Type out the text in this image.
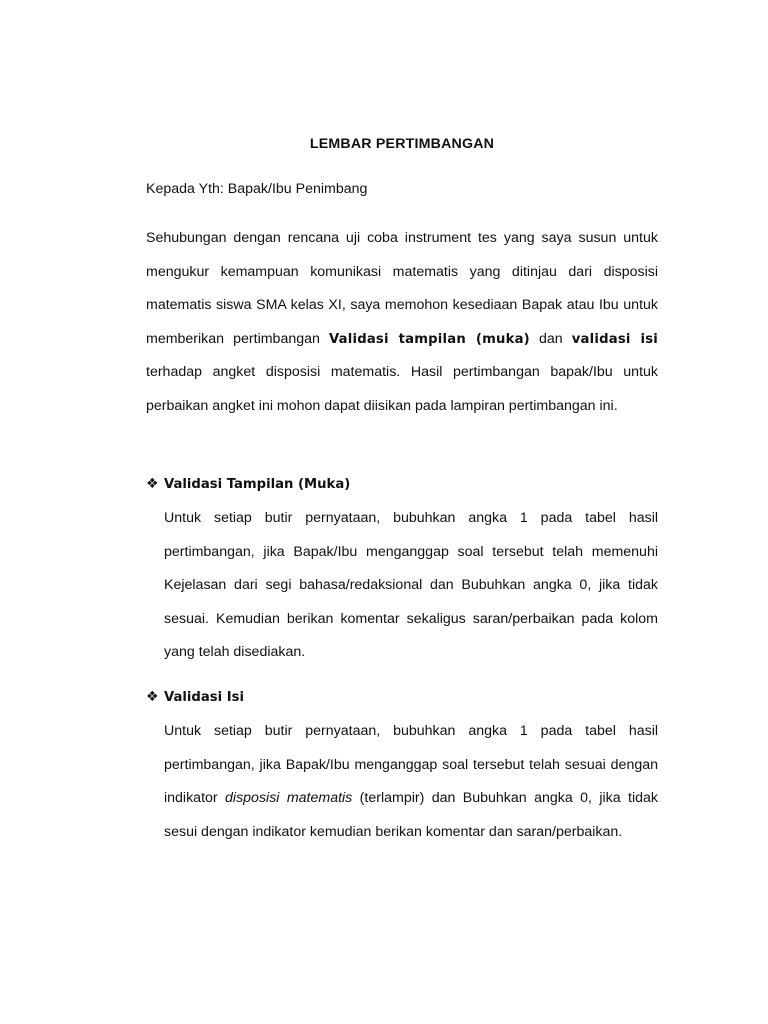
LEMBAR PERTIMBANGAN
Kepada Yth: Bapak/Ibu Penimbang

Sehubungan dengan rencana uji coba instrument tes yang saya susun untuk mengukur kemampuan komunikasi matematis yang ditinjau dari disposisi matematis siswa SMA kelas XI, saya memohon kesediaan Bapak atau Ibu untuk memberikan pertimbangan Validasi tampilan (muka) dan validasi isi terhadap angket disposisi matematis. Hasil pertimbangan bapak/Ibu untuk perbaikan angket ini mohon dapat diisikan pada lampiran pertimbangan ini.

❖ Validasi Tampilan (Muka)

Untuk setiap butir pernyataan, bubuhkan angka 1 pada tabel hasil pertimbangan, jika Bapak/Ibu menganggap soal tersebut telah memenuhi Kejelasan dari segi bahasa/redaksional dan Bubuhkan angka 0, jika tidak sesuai. Kemudian berikan komentar sekaligus saran/perbaikan pada kolom yang telah disediakan.

❖ Validasi Isi

Untuk setiap butir pernyataan, bubuhkan angka 1 pada tabel hasil pertimbangan, jika Bapak/Ibu menganggap soal tersebut telah sesuai dengan indikator disposisi matematis (terlampir) dan Bubuhkan angka 0, jika tidak sesui dengan indikator kemudian berikan komentar dan saran/perbaikan.
